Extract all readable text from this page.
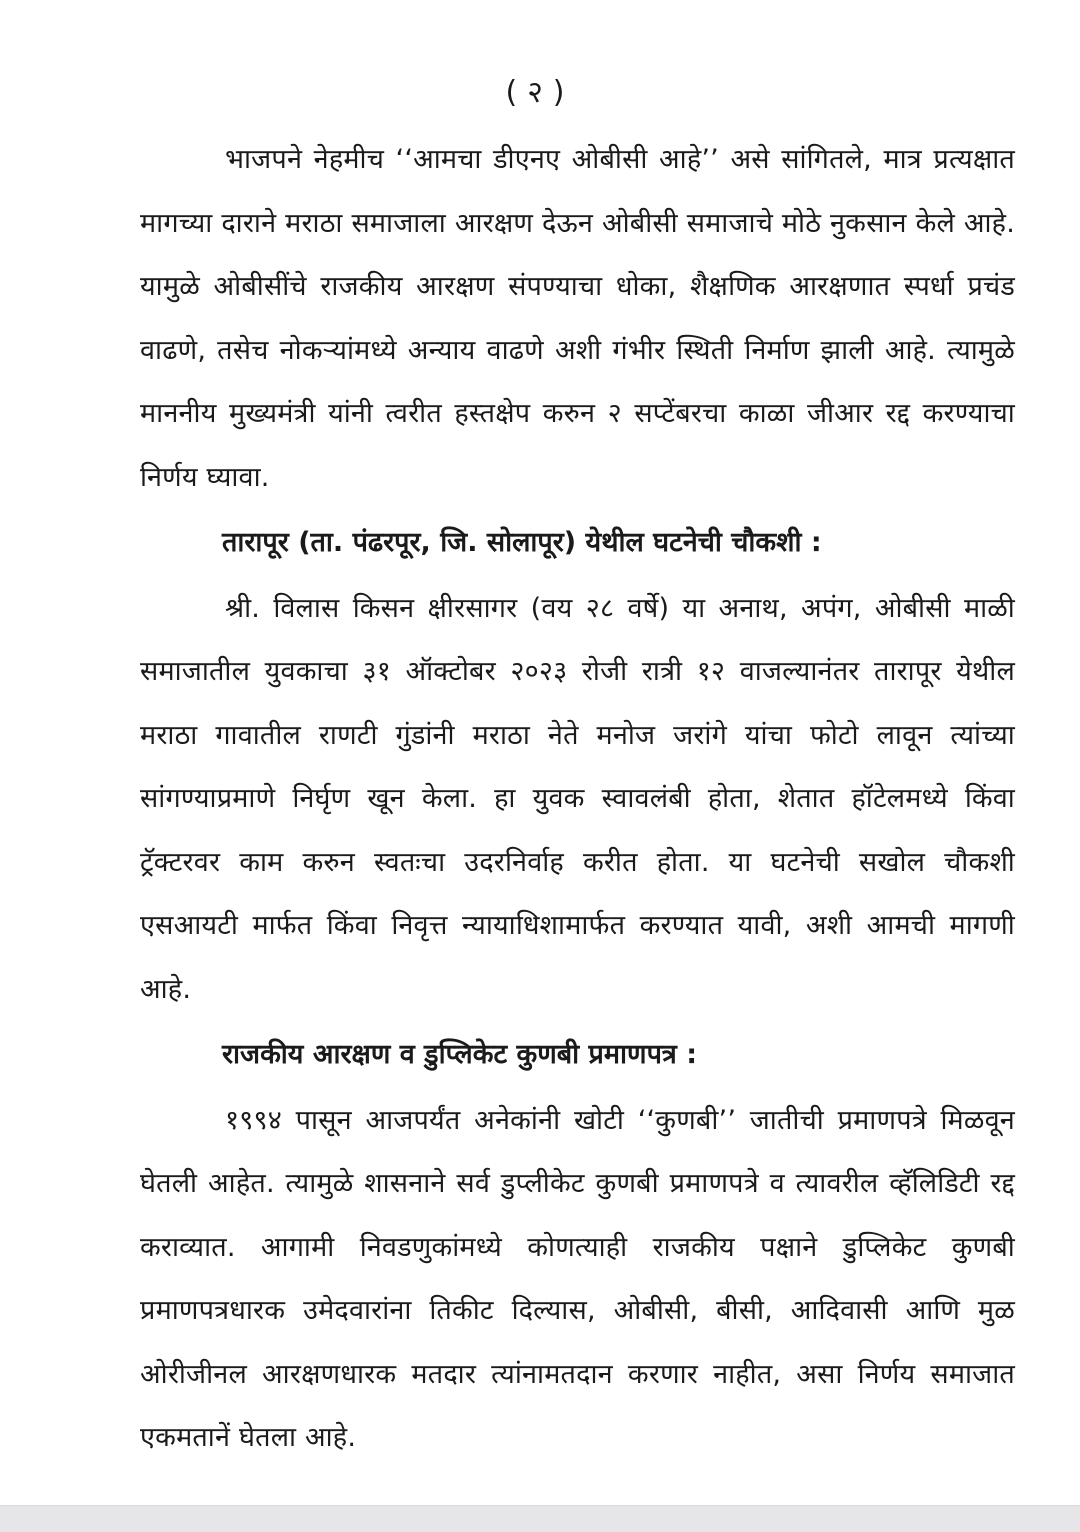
(२)

भाजपने नेहमीच ‘‘आमचा डीएनए ओबीसी आहे’’ असे सांगितले, मात्र प्रत्यक्षात मागच्या दाराने मराठा समाजाला आरक्षण देऊन ओबीसी समाजाचे मोठे नुकसान केले आहे. यामुळे ओबीसींचे राजकीय आरक्षण संपण्याचा धोका, शैक्षणिक आरक्षणात स्पर्धा प्रचंड वाढणे, तसेच नोकऱ्यांमध्ये अन्याय वाढणे अशी गंभीर स्थिती निर्माण झाली आहे. त्यामुळे माननीय मुख्यमंत्री यांनी त्वरीत हस्तक्षेप करुन २ सप्टेंबरचा काळा जीआर रद्द करण्याचा निर्णय घ्यावा.

तारापूर (ता. पंढरपूर, जि. सोलापूर) येथील घटनेची चौकशी :

श्री. विलास किसन क्षीरसागर (वय २८ वर्षे) या अनाथ, अपंग, ओबीसी माळी समाजातील युवकाचा ३१ ऑक्टोबर २०२३ रोजी रात्री १२ वाजल्यानंतर तारापूर येथील मराठा गावातील राणटी गुंडांनी मराठा नेते मनोज जरांगे यांचा फोटो लावून त्यांच्या सांगण्याप्रमाणे निर्घृण खून केला. हा युवक स्वावलंबी होता, शेतात हॉटेलमध्ये किंवा ट्रॅक्टरवर काम करुन स्वतःचा उदरनिर्वाह करीत होता. या घटनेची सखोल चौकशी एसआयटी मार्फत किंवा निवृत्त न्यायाधिशामार्फत करण्यात यावी, अशी आमची मागणी आहे.

राजकीय आरक्षण व डुप्लिकेट कुणबी प्रमाणपत्र :

१९९४ पासून आजपर्यंत अनेकांनी खोटी ‘‘कुणबी’’ जातीची प्रमाणपत्रे मिळवून घेतली आहेत. त्यामुळे शासनाने सर्व डुप्लीकेट कुणबी प्रमाणपत्रे व त्यावरील व्हॅलिडिटी रद्द कराव्यात. आगामी निवडणुकांमध्ये कोणत्याही राजकीय पक्षाने डुप्लिकेट कुणबी प्रमाणपत्रधारक उमेदवारांना तिकीट दिल्यास, ओबीसी, बीसी, आदिवासी आणि मुळ ओरीजीनल आरक्षणधारक मतदार त्यांनामतदान करणार नाहीत, असा निर्णय समाजात एकमतानें घेतला आहे.
